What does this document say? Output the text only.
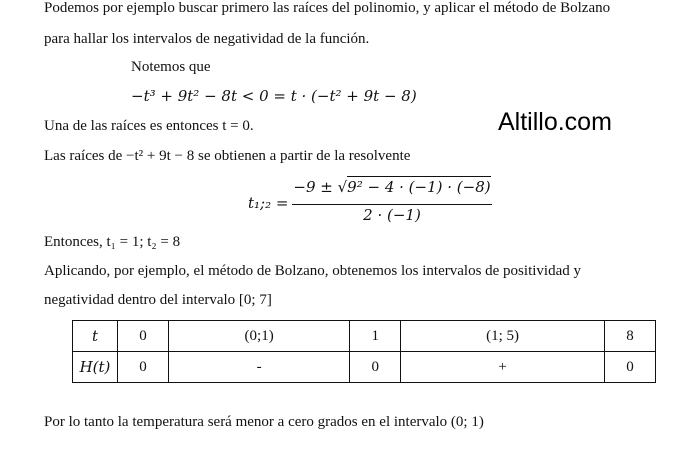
Podemos por ejemplo buscar primero las raíces del polinomio, y aplicar el método de Bolzano
para hallar los intervalos de negatividad de la función.
Notemos que
−t³ + 9t² − 8t < 0 = t · (−t² + 9t − 8)
Una de las raíces es entonces t = 0.	Altillo.com
Las raíces de −t² + 9t − 8 se obtienen a partir de la resolvente
t₁;₂ =
−9 ± √9² − 4 · (−1) · (−8)
2 · (−1)
Entonces, t₁ = 1; t₂ = 8
Aplicando, por ejemplo, el método de Bolzano, obtenemos los intervalos de positividad y
negatividad dentro del intervalo [0; 7]
t	0	(0;1)	1	(1; 5)	8
H(t)	0	-	0	+	0
Por lo tanto la temperatura será menor a cero grados en el intervalo (0; 1)
